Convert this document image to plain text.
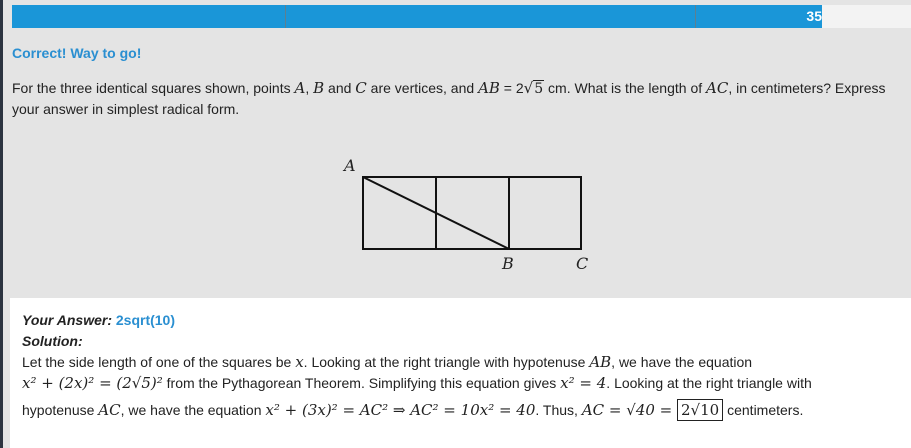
35
Correct! Way to go!
For the three identical squares shown, points A, B and C are vertices, and AB = 2√5 cm. What is the length of AC, in centimeters? Express your answer in simplest radical form.
A
B	C
Your Answer: 2sqrt(10)
Solution:
Let the side length of one of the squares be x. Looking at the right triangle with hypotenuse AB, we have the equation
x² + (2x)² = (2√5)² from the Pythagorean Theorem. Simplifying this equation gives x² = 4. Looking at the right triangle with
hypotenuse AC, we have the equation x² + (3x)² = AC² ⇒ AC² = 10x² = 40. Thus, AC = √40 = 2√10 centimeters.
